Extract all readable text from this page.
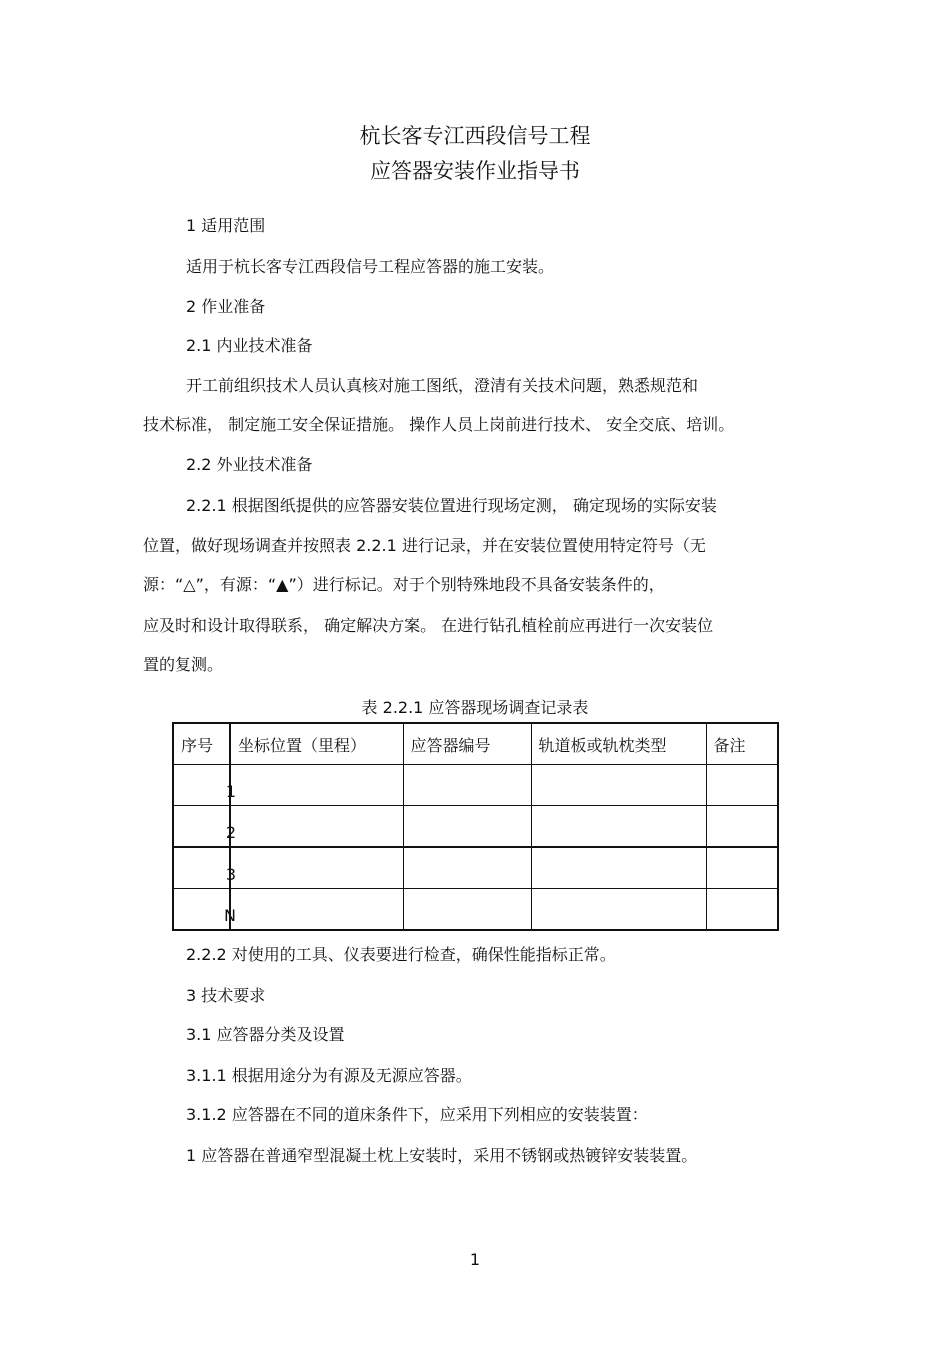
杭长客专江西段信号工程
应答器安装作业指导书
1 适用范围
适用于杭长客专江西段信号工程应答器的施工安装。
2 作业准备
2.1 内业技术准备
开工前组织技术人员认真核对施工图纸，澄清有关技术问题，熟悉规范和
技术标准， 制定施工安全保证措施。 操作人员上岗前进行技术、 安全交底、培训。
2.2 外业技术准备
2.2.1 根据图纸提供的应答器安装位置进行现场定测， 确定现场的实际安装
位置，做好现场调查并按照表 2.2.1 进行记录，并在安装位置使用特定符号（无
源：“△”，有源：“▲”）进行标记。对于个别特殊地段不具备安装条件的，
应及时和设计取得联系， 确定解决方案。 在进行钻孔植栓前应再进行一次安装位
置的复测。
表 2.2.1 应答器现场调查记录表
序号	坐标位置（里程）	应答器编号	轨道板或轨枕类型	备注
1				
2				
3				
N				
2.2.2 对使用的工具、仪表要进行检查，确保性能指标正常。
3 技术要求
3.1 应答器分类及设置
3.1.1 根据用途分为有源及无源应答器。
3.1.2 应答器在不同的道床条件下，应采用下列相应的安装装置：
1 应答器在普通窄型混凝土枕上安装时，采用不锈钢或热镀锌安装装置。
1
